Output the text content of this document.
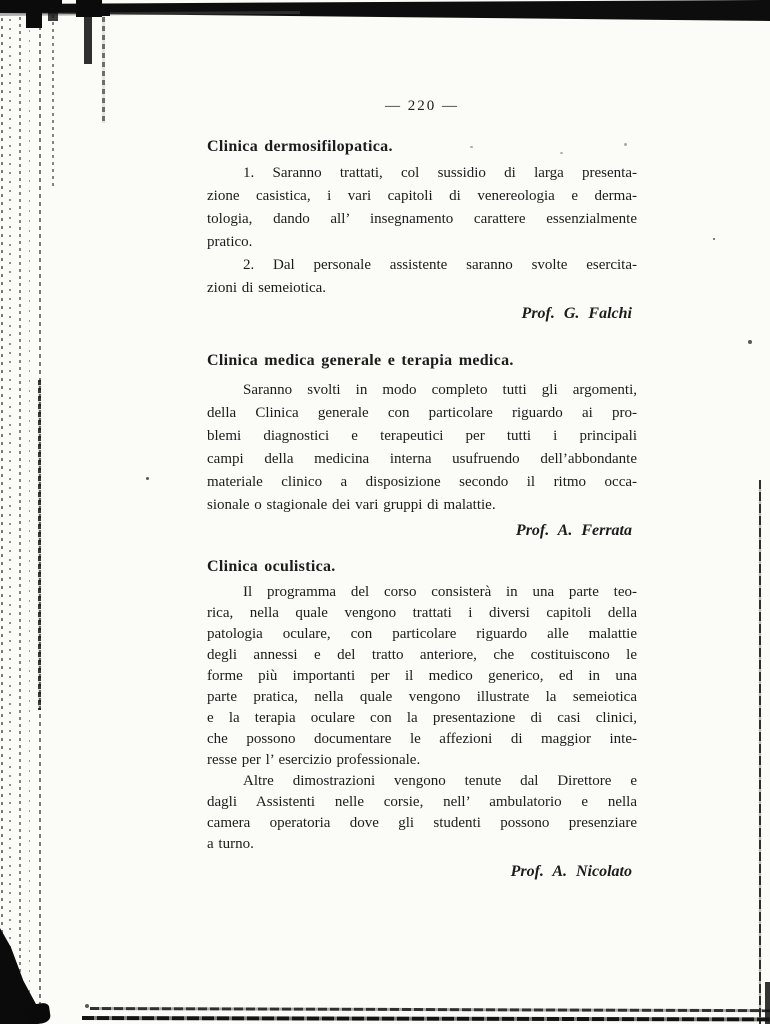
— 220 —
Clinica dermosifilopatica.
1. Saranno trattati, col sussidio di larga presenta-
zione casistica, i vari capitoli di venereologia e derma-
tologia, dando all’ insegnamento carattere essenzialmente
pratico.
2. Dal personale assistente saranno svolte esercita-
zioni di semeiotica.
Prof. G. Falchi
Clinica medica generale e terapia medica.
Saranno svolti in modo completo tutti gli argomenti,
della Clinica generale con particolare riguardo ai pro-
blemi diagnostici e terapeutici per tutti i principali
campi della medicina interna usufruendo dell’abbondante
materiale clinico a disposizione secondo il ritmo occa-
sionale o stagionale dei vari gruppi di malattie.
Prof. A. Ferrata
Clinica oculistica.
Il programma del corso consisterà in una parte teo-
rica, nella quale vengono trattati i diversi capitoli della
patologia oculare, con particolare riguardo alle malattie
degli annessi e del tratto anteriore, che costituiscono le
forme più importanti per il medico generico, ed in una
parte pratica, nella quale vengono illustrate la semeiotica
e la terapia oculare con la presentazione di casi clinici,
che possono documentare le affezioni di maggior inte-
resse per l’ esercizio professionale.
Altre dimostrazioni vengono tenute dal Direttore e
dagli Assistenti nelle corsie, nell’ ambulatorio e nella
camera operatoria dove gli studenti possono presenziare
a turno.
Prof. A. Nicolato
